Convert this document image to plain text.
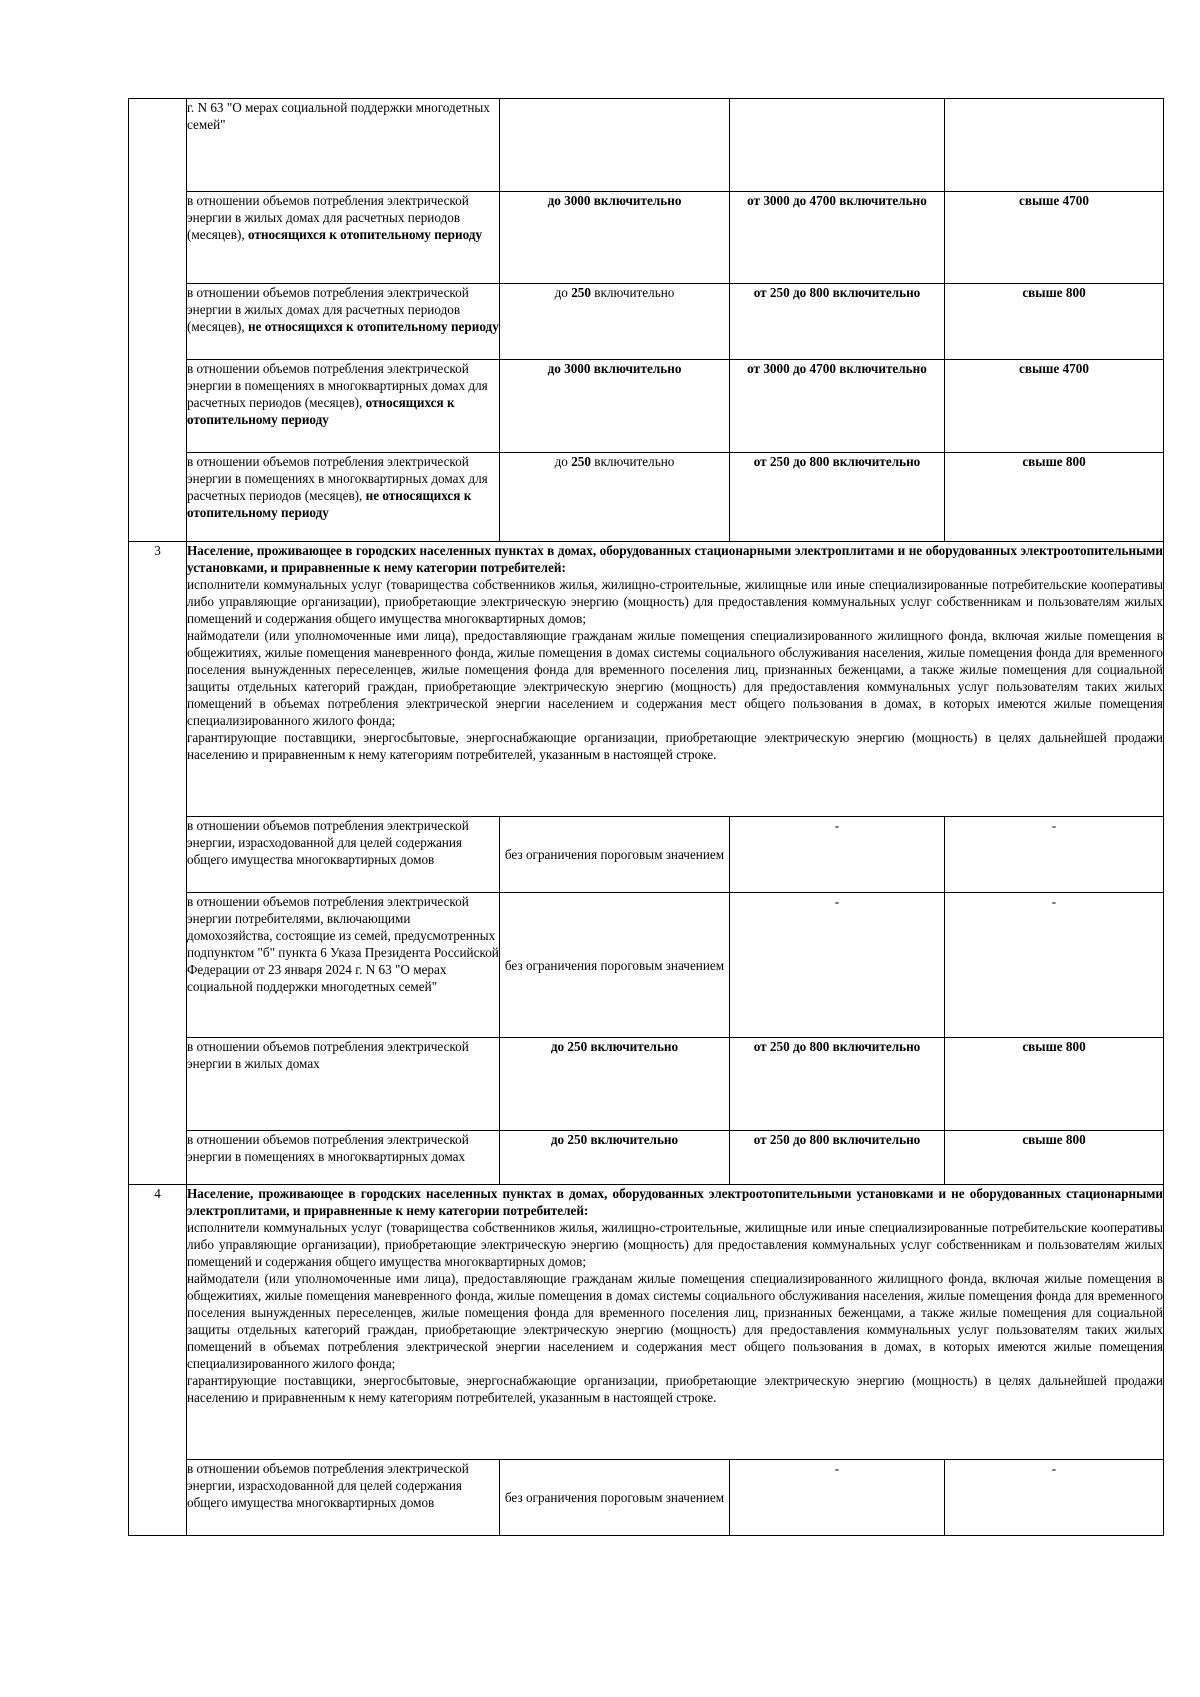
	г. N 63 "О мерах социальной поддержки многодетных семей"			
	в отношении объемов потребления электрической энергии в жилых домах для расчетных периодов (месяцев), относящихся к отопительному периоду	до 3000 включительно	от 3000 до 4700 включительно	свыше 4700
	в отношении объемов потребления электрической энергии в жилых домах для расчетных периодов (месяцев), не относящихся к отопительному периоду	до 250 включительно	от 250 до 800 включительно	свыше 800
	в отношении объемов потребления электрической энергии в помещениях в многоквартирных домах для расчетных периодов (месяцев), относящихся к отопительному периоду	до 3000 включительно	от 3000 до 4700 включительно	свыше 4700
	в отношении объемов потребления электрической энергии в помещениях в многоквартирных домах для расчетных периодов (месяцев), не относящихся к отопительному периоду	до 250 включительно	от 250 до 800 включительно	свыше 800
3	Население, проживающее в городских населенных пунктах в домах, оборудованных стационарными электроплитами и не оборудованных электроотопительными установками, и приравненные к нему категории потребителей:

исполнители коммунальных услуг (товарищества собственников жилья, жилищно-строительные, жилищные или иные специализированные потребительские кооперативы либо управляющие организации), приобретающие электрическую энергию (мощность) для предоставления коммунальных услуг собственникам и пользователям жилых помещений и содержания общего имущества многоквартирных домов;

наймодатели (или уполномоченные ими лица), предоставляющие гражданам жилые помещения специализированного жилищного фонда, включая жилые помещения в общежитиях, жилые помещения маневренного фонда, жилые помещения в домах системы социального обслуживания населения, жилые помещения фонда для временного поселения вынужденных переселенцев, жилые помещения фонда для временного поселения лиц, признанных беженцами, а также жилые помещения для социальной защиты отдельных категорий граждан, приобретающие электрическую энергию (мощность) для предоставления коммунальных услуг пользователям таких жилых помещений в объемах потребления электрической энергии населением и содержания мест общего пользования в домах, в которых имеются жилые помещения специализированного жилого фонда;

гарантирующие поставщики, энергосбытовые, энергоснабжающие организации, приобретающие электрическую энергию (мощность) в целях дальнейшей продажи населению и приравненным к нему категориям потребителей, указанным в настоящей строке.			

	в отношении объемов потребления электрической энергии, израсходованной для целей содержания общего имущества многоквартирных домов	без ограничения пороговым значением	-	-
	в отношении объемов потребления электрической энергии потребителями, включающими домохозяйства, состоящие из семей, предусмотренных подпунктом "б" пункта 6 Указа Президента Российской Федерации от 23 января 2024 г. N 63 "О мерах социальной поддержки многодетных семей"	без ограничения пороговым значением	-	-
	в отношении объемов потребления электрической энергии в жилых домах	до 250 включительно	от 250 до 800 включительно	свыше 800
	в отношении объемов потребления электрической энергии в помещениях в многоквартирных домах	до 250 включительно	от 250 до 800 включительно	свыше 800
4	Население, проживающее в городских населенных пунктах в домах, оборудованных электроотопительными установками и не оборудованных стационарными электроплитами, и приравненные к нему категории потребителей:

исполнители коммунальных услуг (товарищества собственников жилья, жилищно-строительные, жилищные или иные специализированные потребительские кооперативы либо управляющие организации), приобретающие электрическую энергию (мощность) для предоставления коммунальных услуг собственникам и пользователям жилых помещений и содержания общего имущества многоквартирных домов;

наймодатели (или уполномоченные ими лица), предоставляющие гражданам жилые помещения специализированного жилищного фонда, включая жилые помещения в общежитиях, жилые помещения маневренного фонда, жилые помещения в домах системы социального обслуживания населения, жилые помещения фонда для временного поселения вынужденных переселенцев, жилые помещения фонда для временного поселения лиц, признанных беженцами, а также жилые помещения для социальной защиты отдельных категорий граждан, приобретающие электрическую энергию (мощность) для предоставления коммунальных услуг пользователям таких жилых помещений в объемах потребления электрической энергии населением и содержания мест общего пользования в домах, в которых имеются жилые помещения специализированного жилого фонда;

гарантирующие поставщики, энергосбытовые, энергоснабжающие организации, приобретающие электрическую энергию (мощность) в целях дальнейшей продажи населению и приравненным к нему категориям потребителей, указанным в настоящей строке.			

	в отношении объемов потребления электрической энергии, израсходованной для целей содержания общего имущества многоквартирных домов	без ограничения пороговым значением	-	-
